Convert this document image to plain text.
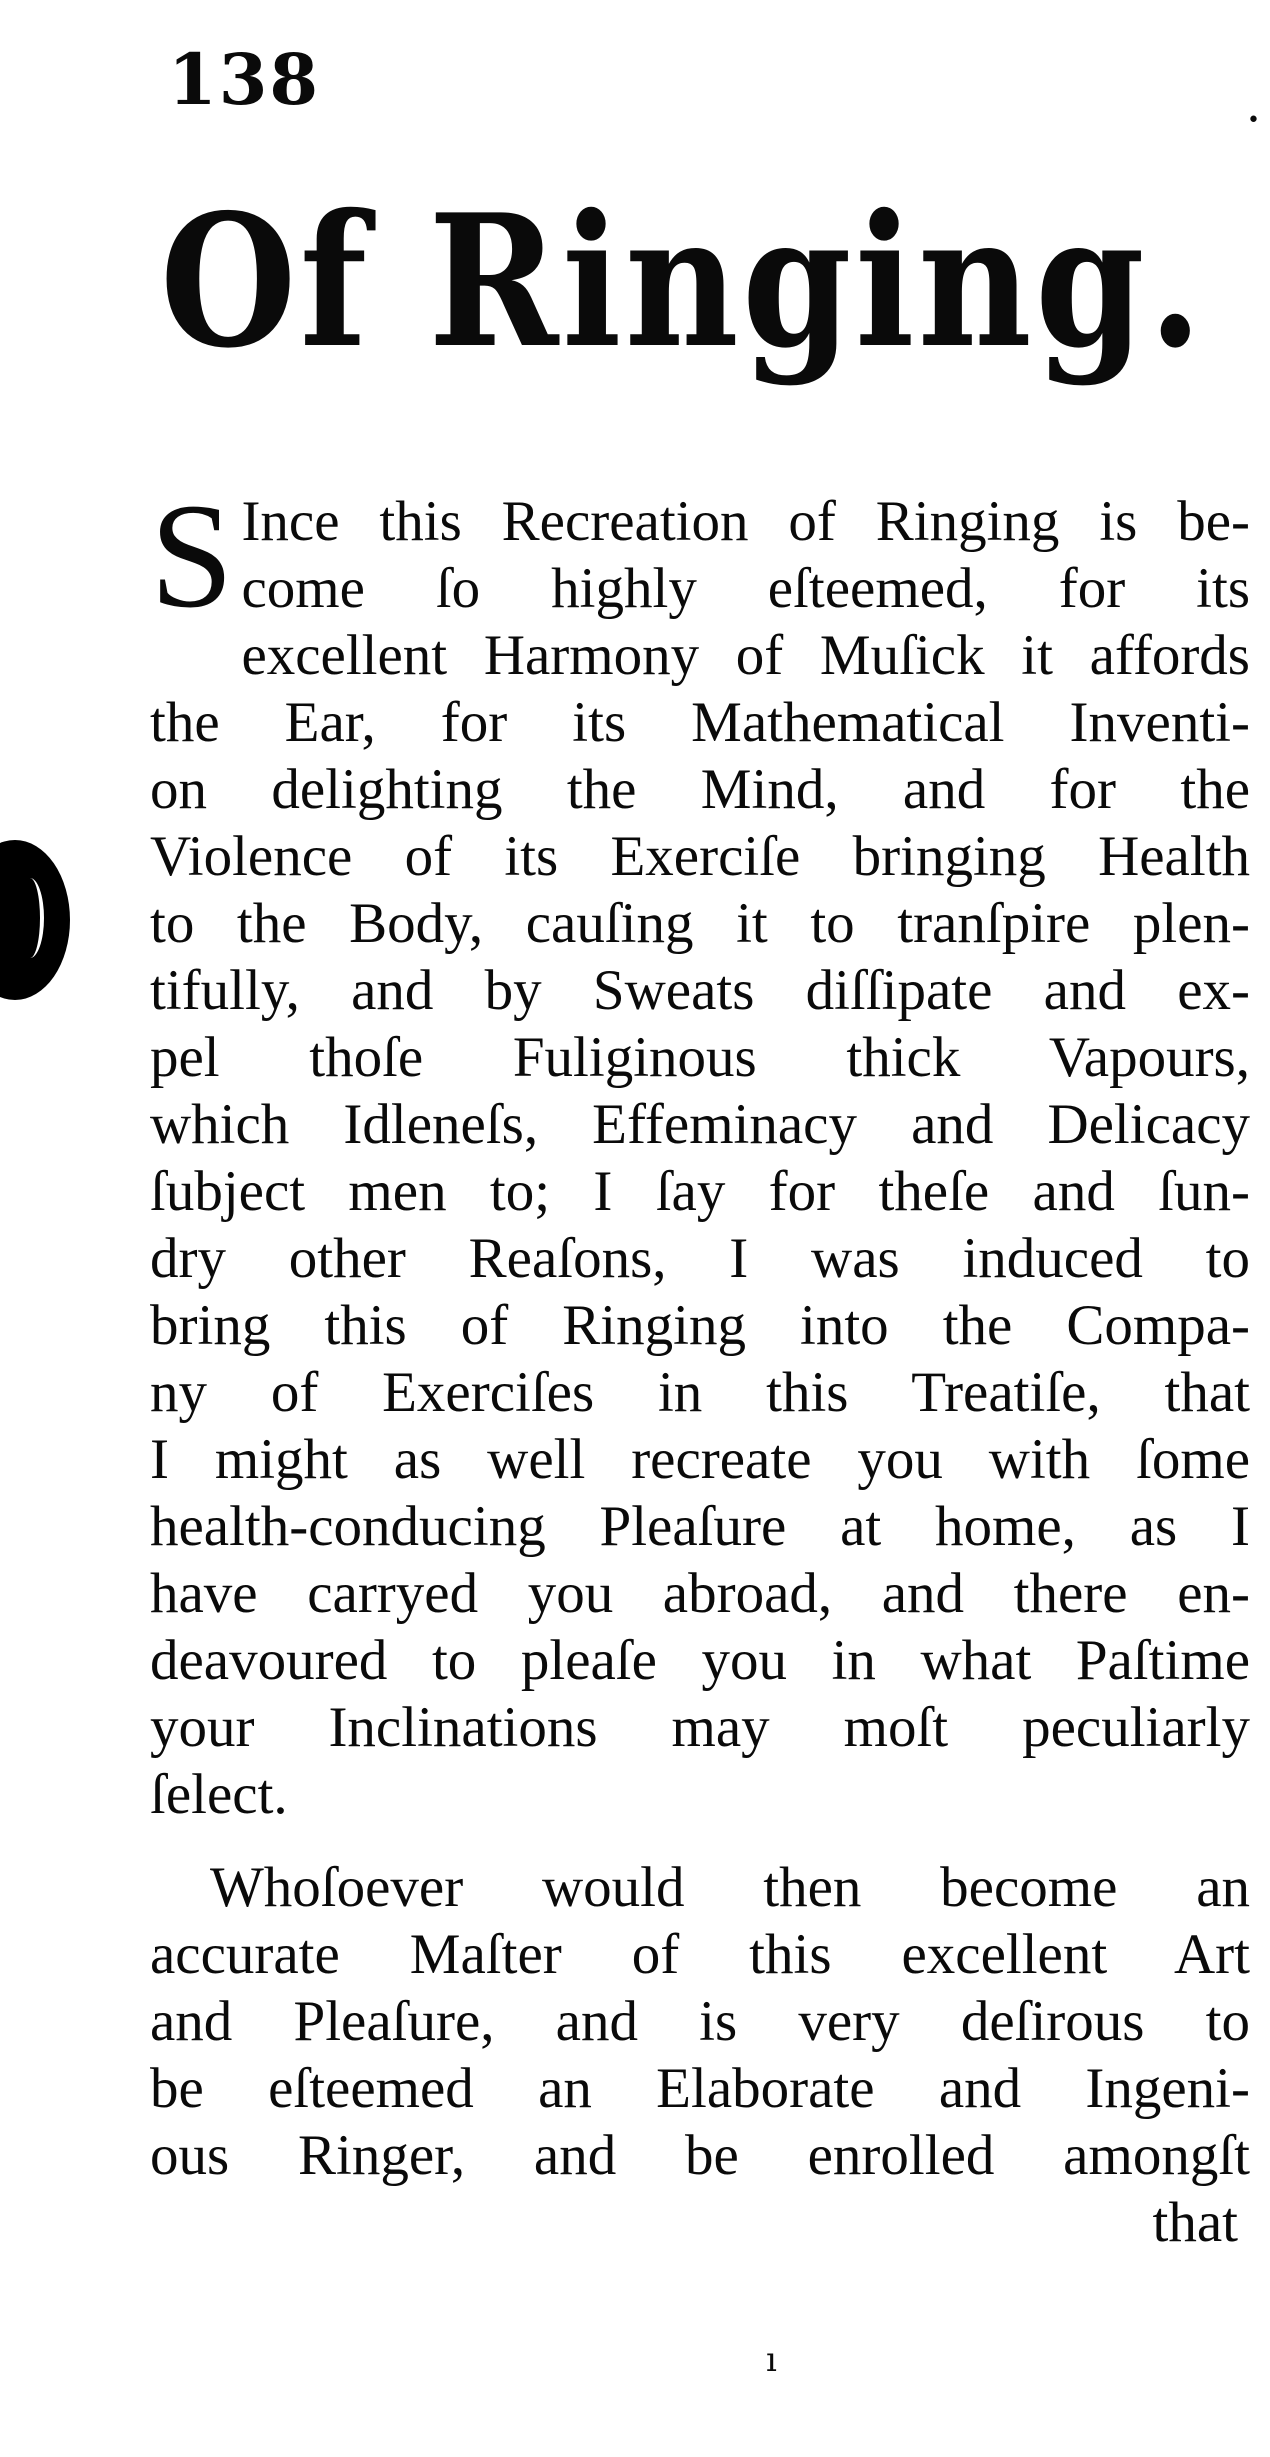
138	•
Of Ringing.
S Ince this Recreation of Ringing is be-
come ſo highly eſteemed, for its
excellent Harmony of Muſick it affords
the Ear, for its Mathematical Inventi-
on delighting the Mind, and for the
Violence of its Exerciſe bringing Health
to the Body, cauſing it to tranſpire plen-
tifully, and by Sweats diſſipate and ex-
pel thoſe Fuliginous thick Vapours,
which Idleneſs, Effeminacy and Delicacy
ſubject men to; I ſay for theſe and ſun-
dry other Reaſons, I was induced to
bring this of Ringing into the Compa-
ny of Exerciſes in this Treatiſe, that
I might as well recreate you with ſome
health-conducing Pleaſure at home, as I
have carryed you abroad, and there en-
deavoured to pleaſe you in what Paſtime
your Inclinations may moſt peculiarly
ſelect.
Whoſoever would then become an
accurate Maſter of this excellent Art
and Pleaſure, and is very deſirous to
be eſteemed an Elaborate and Ingeni-
ous Ringer, and be enrolled amongſt
that
ı
